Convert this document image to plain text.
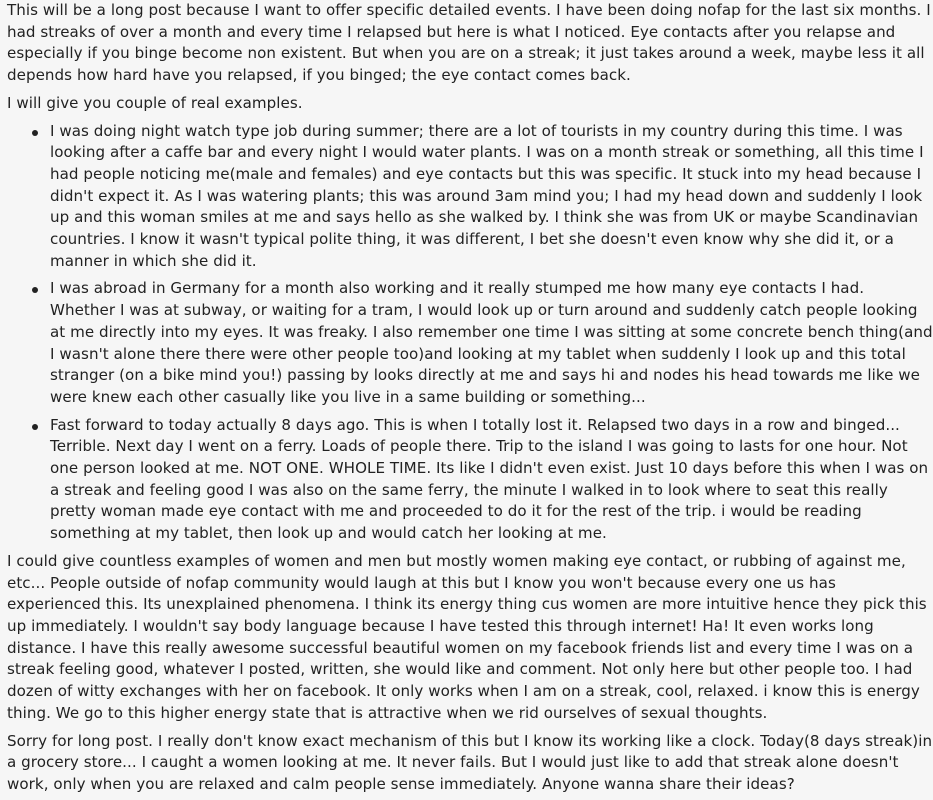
This will be a long post because I want to offer specific detailed events. I have been doing nofap for the last six months. I had streaks of over a month and every time I relapsed but here is what I noticed. Eye contacts after you relapse and especially if you binge become non existent. But when you are on a streak; it just takes around a week, maybe less it all depends how hard have you relapsed, if you binged; the eye contact comes back.

I will give you couple of real examples.

I was doing night watch type job during summer; there are a lot of tourists in my country during this time. I was looking after a caffe bar and every night I would water plants. I was on a month streak or something, all this time I had people noticing me(male and females) and eye contacts but this was specific. It stuck into my head because I didn't expect it. As I was watering plants; this was around 3am mind you; I had my head down and suddenly I look up and this woman smiles at me and says hello as she walked by. I think she was from UK or maybe Scandinavian countries. I know it wasn't typical polite thing, it was different, I bet she doesn't even know why she did it, or a manner in which she did it.
I was abroad in Germany for a month also working and it really stumped me how many eye contacts I had. Whether I was at subway, or waiting for a tram, I would look up or turn around and suddenly catch people looking at me directly into my eyes. It was freaky. I also remember one time I was sitting at some concrete bench thing(and I wasn't alone there there were other people too)and looking at my tablet when suddenly I look up and this total stranger (on a bike mind you!) passing by looks directly at me and says hi and nodes his head towards me like we were knew each other casually like you live in a same building or something...
Fast forward to today actually 8 days ago. This is when I totally lost it. Relapsed two days in a row and binged... Terrible. Next day I went on a ferry. Loads of people there. Trip to the island I was going to lasts for one hour. Not one person looked at me. NOT ONE. WHOLE TIME. Its like I didn't even exist. Just 10 days before this when I was on a streak and feeling good I was also on the same ferry, the minute I walked in to look where to seat this really pretty woman made eye contact with me and proceeded to do it for the rest of the trip. i would be reading something at my tablet, then look up and would catch her looking at me.

I could give countless examples of women and men but mostly women making eye contact, or rubbing of against me, etc... People outside of nofap community would laugh at this but I know you won't because every one us has experienced this. Its unexplained phenomena. I think its energy thing cus women are more intuitive hence they pick this up immediately. I wouldn't say body language because I have tested this through internet! Ha! It even works long distance. I have this really awesome successful beautiful women on my facebook friends list and every time I was on a streak feeling good, whatever I posted, written, she would like and comment. Not only here but other people too. I had dozen of witty exchanges with her on facebook. It only works when I am on a streak, cool, relaxed. i know this is energy thing. We go to this higher energy state that is attractive when we rid ourselves of sexual thoughts.

Sorry for long post. I really don't know exact mechanism of this but I know its working like a clock. Today(8 days streak)in a grocery store... I caught a women looking at me. It never fails. But I would just like to add that streak alone doesn't work, only when you are relaxed and calm people sense immediately. Anyone wanna share their ideas?
